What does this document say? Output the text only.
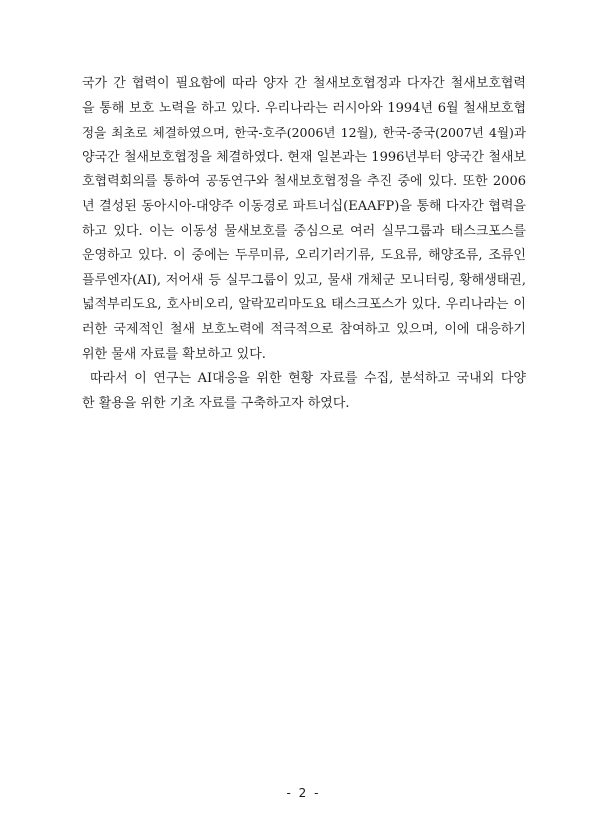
국가 간 협력이 필요함에 따라 양자 간 철새보호협정과 다자간 철새보호협력
을 통해 보호 노력을 하고 있다. 우리나라는 러시아와 1994년 6월 철새보호협
정을 최초로 체결하였으며, 한국-호주(2006년 12월), 한국-중국(2007년 4월)과
양국간 철새보호협정을 체결하였다. 현재 일본과는 1996년부터 양국간 철새보
호협력회의를 통하여 공동연구와 철새보호협정을 추진 중에 있다. 또한 2006
년 결성된 동아시아-대양주 이동경로 파트너십(EAAFP)을 통해 다자간 협력을
하고 있다. 이는 이동성 물새보호를 중심으로 여러 실무그룹과 태스크포스를
운영하고 있다. 이 중에는 두루미류, 오리기러기류, 도요류, 해양조류, 조류인
플루엔자(AI), 저어새 등 실무그룹이 있고, 물새 개체군 모니터링, 황해생태권,
넓적부리도요, 호사비오리, 알락꼬리마도요 태스크포스가 있다. 우리나라는 이
러한 국제적인 철새 보호노력에 적극적으로 참여하고 있으며, 이에 대응하기
위한 물새 자료를 확보하고 있다.
따라서 이 연구는 AI대응을 위한 현황 자료를 수집, 분석하고 국내외 다양
한 활용을 위한 기초 자료를 구축하고자 하였다.
- 2 -
